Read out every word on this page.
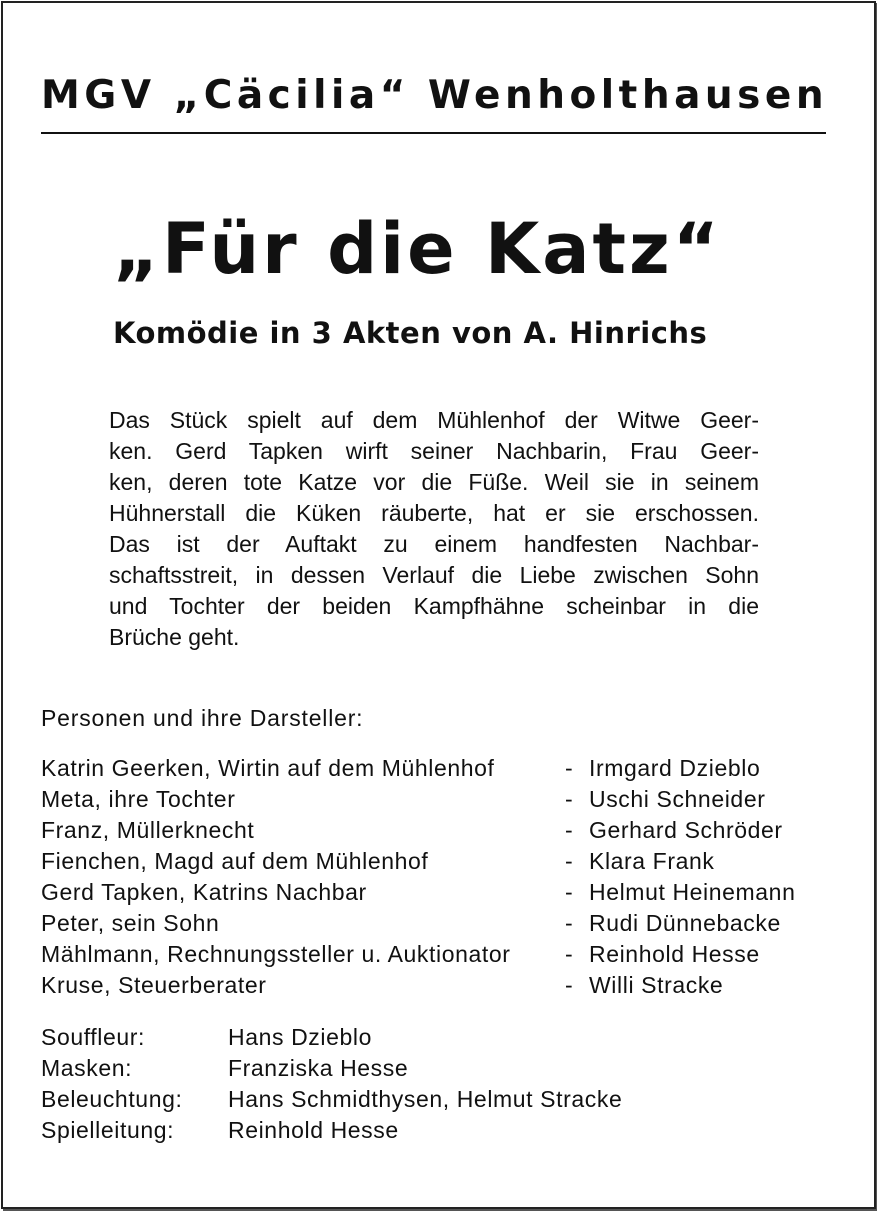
MGV „Cäcilia“ Wenholthausen
„Für die Katz“
Komödie in 3 Akten von A. Hinrichs
Das Stück spielt auf dem Mühlenhof der Witwe Geer-
ken. Gerd Tapken wirft seiner Nachbarin, Frau Geer-
ken, deren tote Katze vor die Füße. Weil sie in seinem
Hühnerstall die Küken räuberte, hat er sie erschossen.
Das ist der Auftakt zu einem handfesten Nachbar-
schaftsstreit, in dessen Verlauf die Liebe zwischen Sohn
und Tochter der beiden Kampfhähne scheinbar in die
Brüche geht.
Personen und ihre Darsteller:
Katrin Geerken, Wirtin auf dem Mühlenhof	- Irmgard Dzieblo
Meta, ihre Tochter	- Uschi Schneider
Franz, Müllerknecht	- Gerhard Schröder
Fienchen, Magd auf dem Mühlenhof	- Klara Frank
Gerd Tapken, Katrins Nachbar	- Helmut Heinemann
Peter, sein Sohn	- Rudi Dünnebacke
Mählmann, Rechnungssteller u. Auktionator - Reinhold Hesse
Kruse, Steuerberater	- Willi Stracke
Souffleur:	Hans Dzieblo
Masken:	Franziska Hesse
Beleuchtung: Hans Schmidthysen, Helmut Stracke
Spielleitung: Reinhold Hesse
